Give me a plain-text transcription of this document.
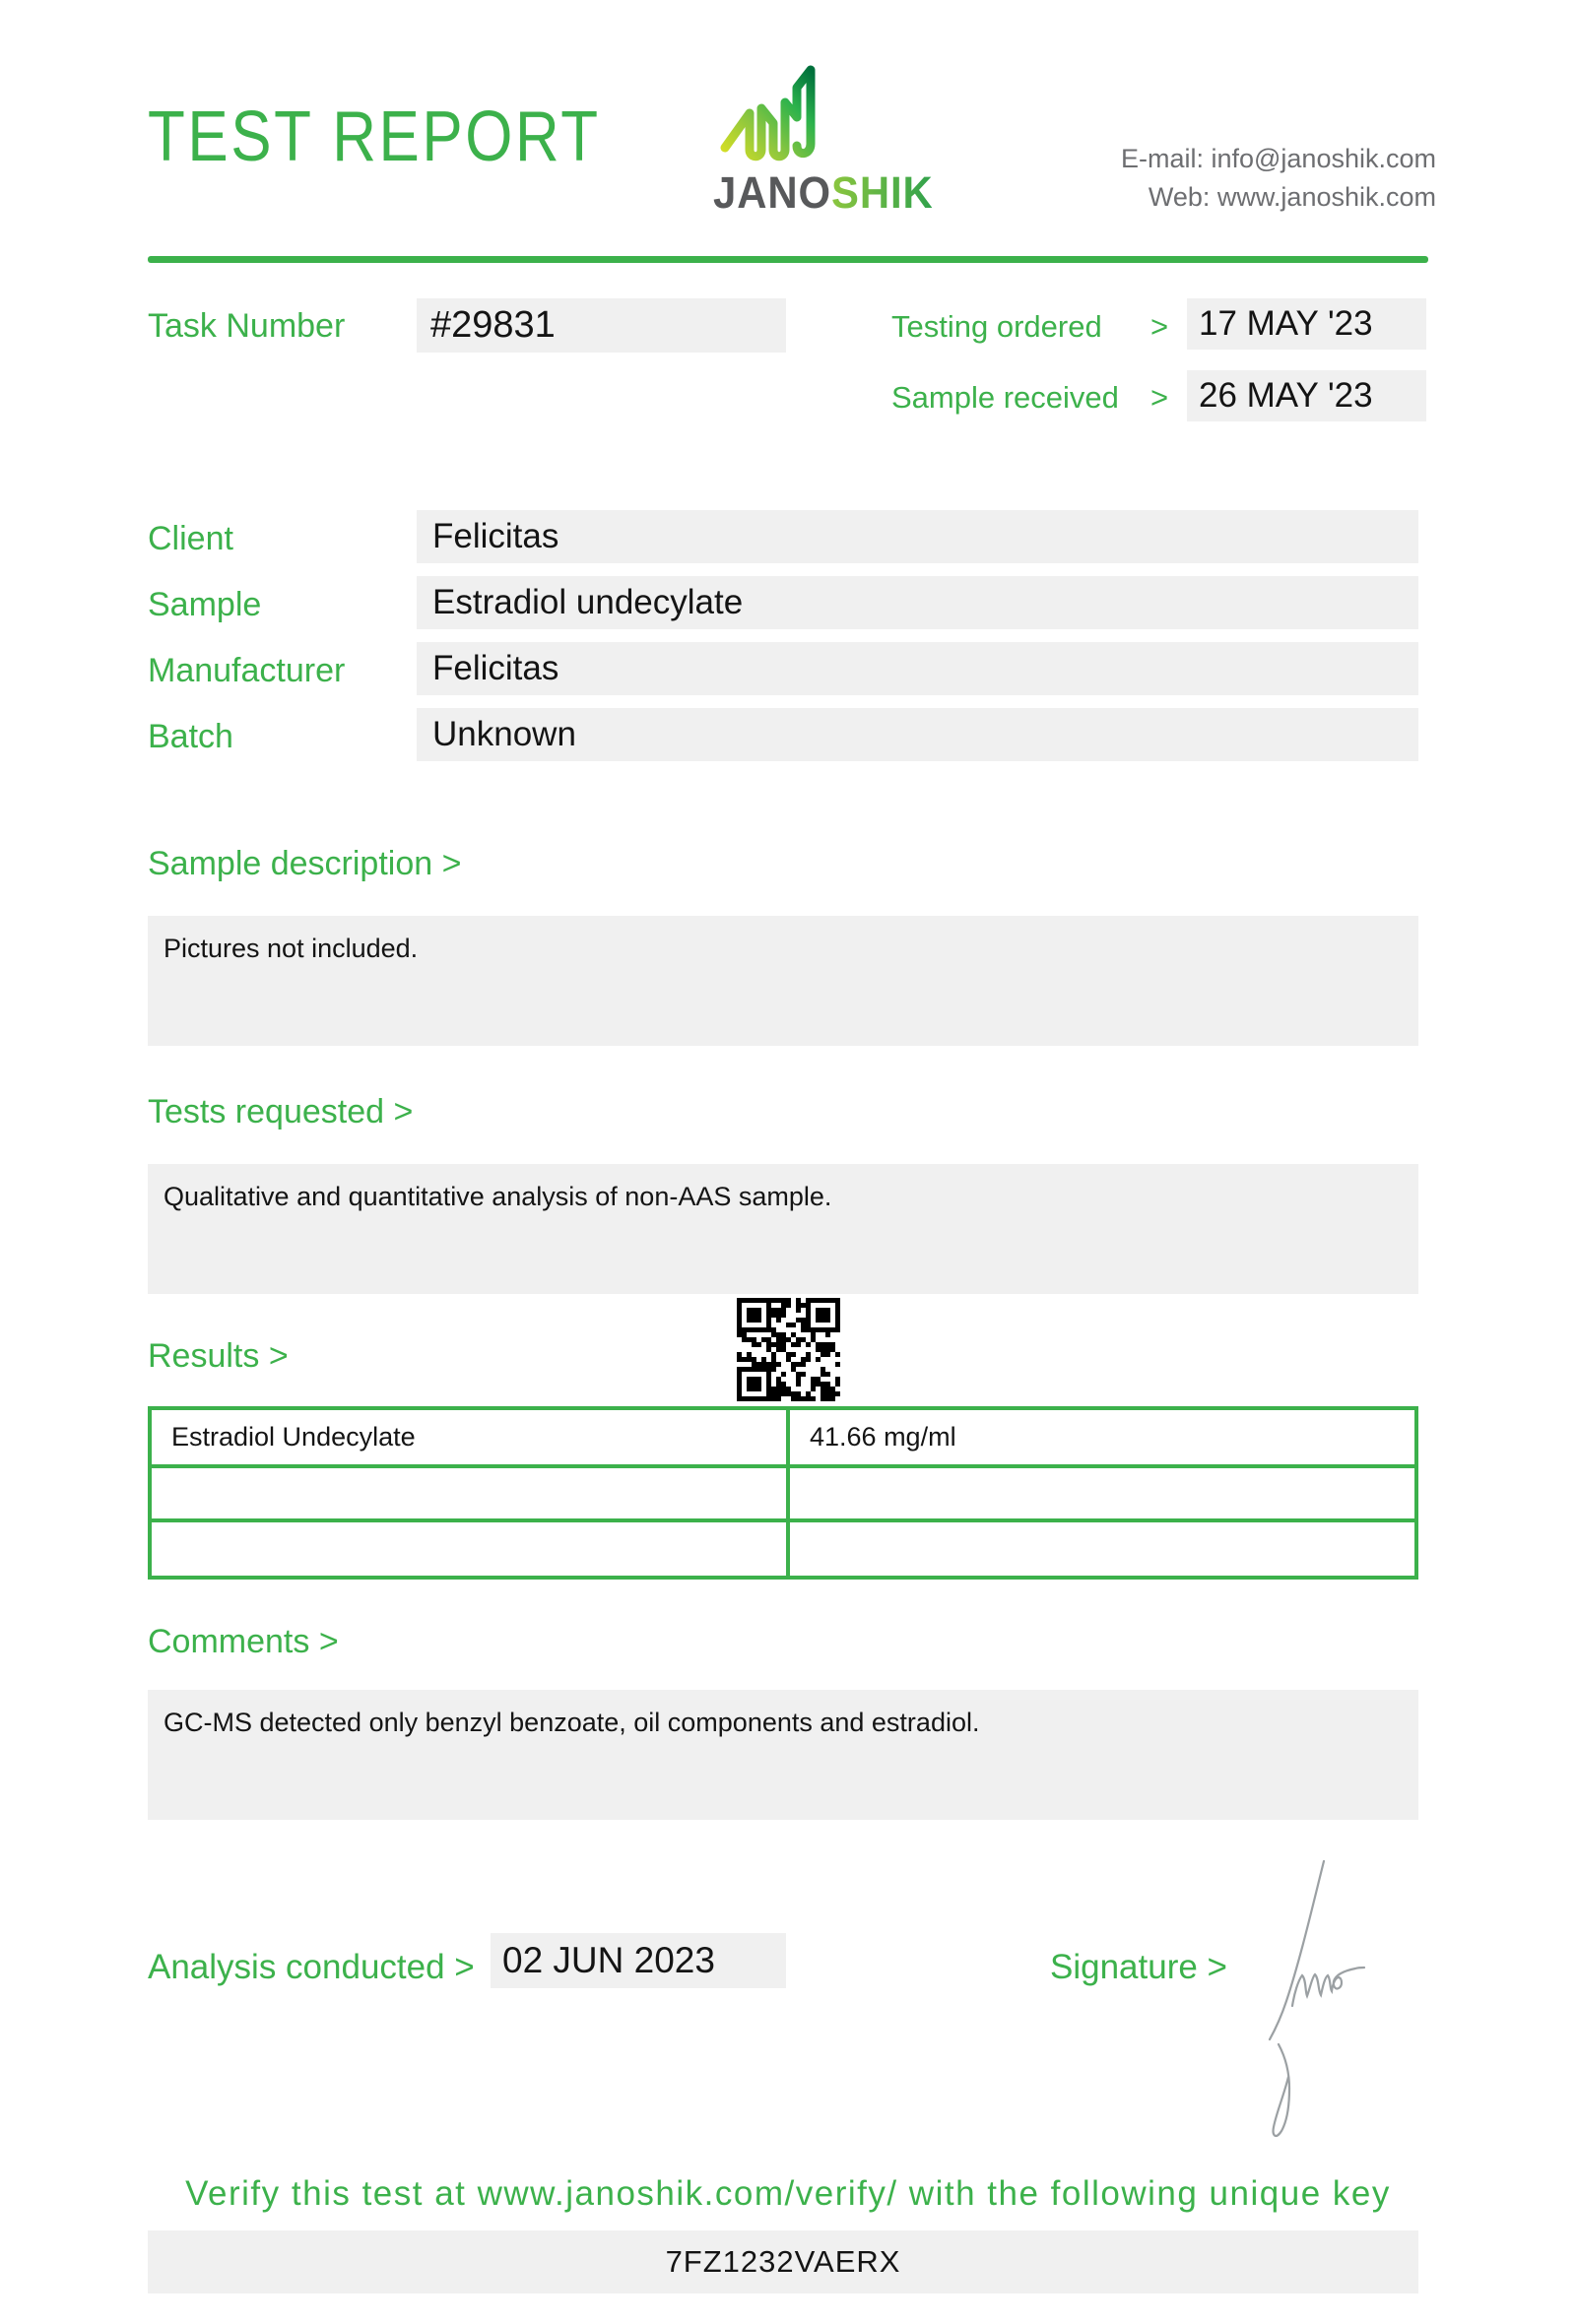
TEST REPORT
JANOSHIK
E-mail: info@janoshik.com
Web: www.janoshik.com
Task Number #29831	Testing ordered > 17 MAY '23
Sample received > 26 MAY '23
Client	Felicitas
Sample	Estradiol undecylate
Manufacturer	Felicitas
Batch	Unknown
Sample description >
Pictures not included.
Tests requested >
Qualitative and quantitative analysis of non-AAS sample.
Results >
Estradiol Undecylate	41.66 mg/ml

Comments >
GC-MS detected only benzyl benzoate, oil components and estradiol.
Analysis conducted > 02 JUN 2023	Signature >
Verify this test at www.janoshik.com/verify/ with the following unique key
7FZ1232VAERX
